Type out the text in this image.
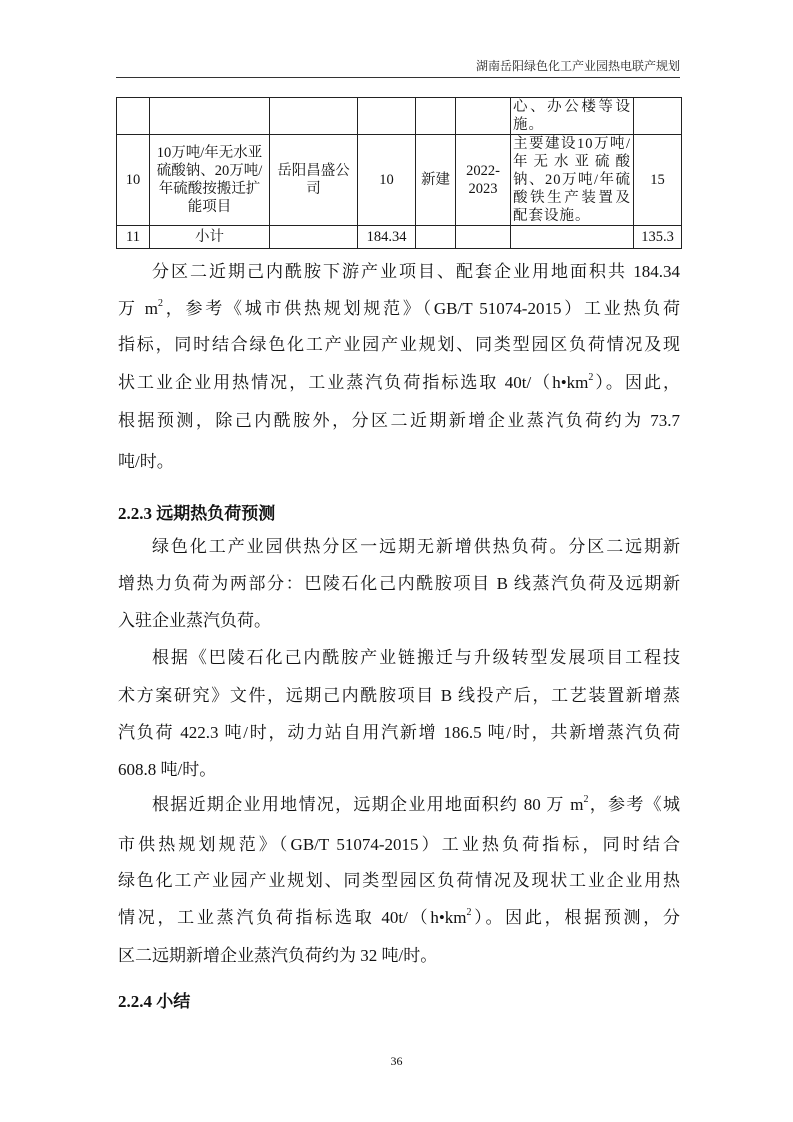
湖南岳阳绿色化工产业园热电联产规划
						心、办公楼等设施。	
10	10万吨/年无水亚硫酸钠、20万吨/年硫酸按搬迁扩能项目	岳阳昌盛公司	10	新建	2022-2023	主要建设10万吨/年无水亚硫酸钠、20万吨/年硫酸铁生产装置及配套设施。	15
11	小计		184.34				135.3
分区二近期己内酰胺下游产业项目、配套企业用地面积共 184.34
万 $m^2$，参考《城市供热规划规范》（GB/T 51074-2015）工业热负荷
指标，同时结合绿色化工产业园产业规划、同类型园区负荷情况及现
状工业企业用热情况，工业蒸汽负荷指标选取 $40t/(h•km^2)$。因此，
根据预测，除己内酰胺外，分区二近期新增企业蒸汽负荷约为 73.7
吨/时。
2.2.3 远期热负荷预测
绿色化工产业园供热分区一远期无新增供热负荷。分区二远期新
增热力负荷为两部分：巴陵石化己内酰胺项目 B 线蒸汽负荷及远期新
入驻企业蒸汽负荷。
根据《巴陵石化己内酰胺产业链搬迁与升级转型发展项目工程技
术方案研究》文件，远期己内酰胺项目 B 线投产后，工艺装置新增蒸
汽负荷 422.3 吨/时，动力站自用汽新增 186.5 吨/时，共新增蒸汽负荷
608.8 吨/时。
根据近期企业用地情况，远期企业用地面积约 80 万 $m^2$，参考《城
市供热规划规范》（GB/T 51074-2015）工业热负荷指标，同时结合
绿色化工产业园产业规划、同类型园区负荷情况及现状工业企业用热
情况，工业蒸汽负荷指标选取 $40t/(h•km^2)$。因此，根据预测，分
区二远期新增企业蒸汽负荷约为 32 吨/时。
2.2.4 小结
36
